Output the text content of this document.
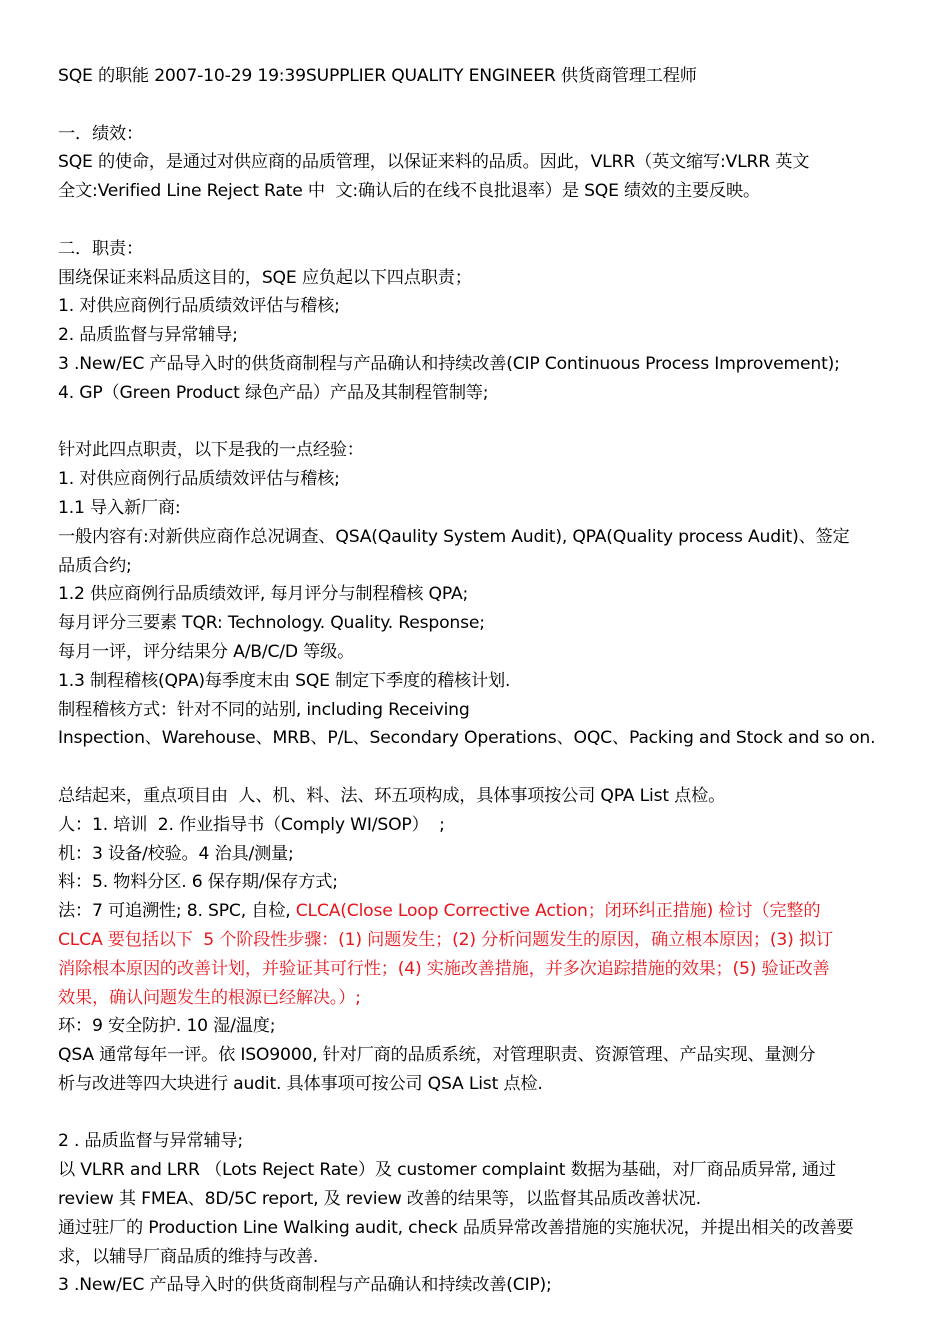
SQE 的职能 2007-10-29 19:39SUPPLIER QUALITY ENGINEER 供货商管理工程师
一．绩效：
SQE 的使命，是通过对供应商的品质管理，以保证来料的品质。因此，VLRR（英文缩写:VLRR 英文
全文:Verified Line Reject Rate 中  文:确认后的在线不良批退率）是 SQE 绩效的主要反映。
二．职责：
围绕保证来料品质这目的，SQE 应负起以下四点职责；
1. 对供应商例行品质绩效评估与稽核;
2. 品质监督与异常辅导;
3 .New/EC 产品导入时的供货商制程与产品确认和持续改善(CIP Continuous Process Improvement);
4. GP（Green Product 绿色产品）产品及其制程管制等;
针对此四点职责，以下是我的一点经验：
1. 对供应商例行品质绩效评估与稽核;
1.1 导入新厂商:
一般内容有:对新供应商作总况调查、QSA(Qaulity System Audit), QPA(Quality process Audit)、签定
品质合约;
1.2 供应商例行品质绩效评, 每月评分与制程稽核 QPA;
每月评分三要素 TQR: Technology. Quality. Response;
每月一评，评分结果分 A/B/C/D 等级。
1.3 制程稽核(QPA)每季度末由 SQE 制定下季度的稽核计划.
制程稽核方式：针对不同的站别, including Receiving
Inspection、Warehouse、MRB、P/L、Secondary Operations、OQC、Packing and Stock and so on.
总结起来，重点项目由  人、机、料、法、环五项构成，具体事项按公司 QPA List 点检。
人：1. 培训  2. 作业指导书（Comply WI/SOP）  ;
机：3 设备/校验。4 治具/测量;
料：5. 物料分区. 6 保存期/保存方式;
法：7 可追溯性; 8. SPC, 自检, CLCA(Close Loop Corrective Action；闭环纠正措施) 检讨（完整的
CLCA 要包括以下  5 个阶段性步骤：(1) 问题发生；(2) 分析问题发生的原因，确立根本原因；(3) 拟订
消除根本原因的改善计划，并验证其可行性；(4) 实施改善措施，并多次追踪措施的效果；(5) 验证改善
效果，确认问题发生的根源已经解决。）;
环：9 安全防护. 10 湿/温度;
QSA 通常每年一评。依 ISO9000, 针对厂商的品质系统，对管理职责、资源管理、产品实现、量测分
析与改进等四大块进行 audit. 具体事项可按公司 QSA List 点检.
2 . 品质监督与异常辅导;
以 VLRR and LRR （Lots Reject Rate）及 customer complaint 数据为基础，对厂商品质异常, 通过
review 其 FMEA、8D/5C report, 及 review 改善的结果等，以监督其品质改善状况.
通过驻厂的 Production Line Walking audit, check 品质异常改善措施的实施状况，并提出相关的改善要
求，以辅导厂商品质的维持与改善.
3 .New/EC 产品导入时的供货商制程与产品确认和持续改善(CIP);
